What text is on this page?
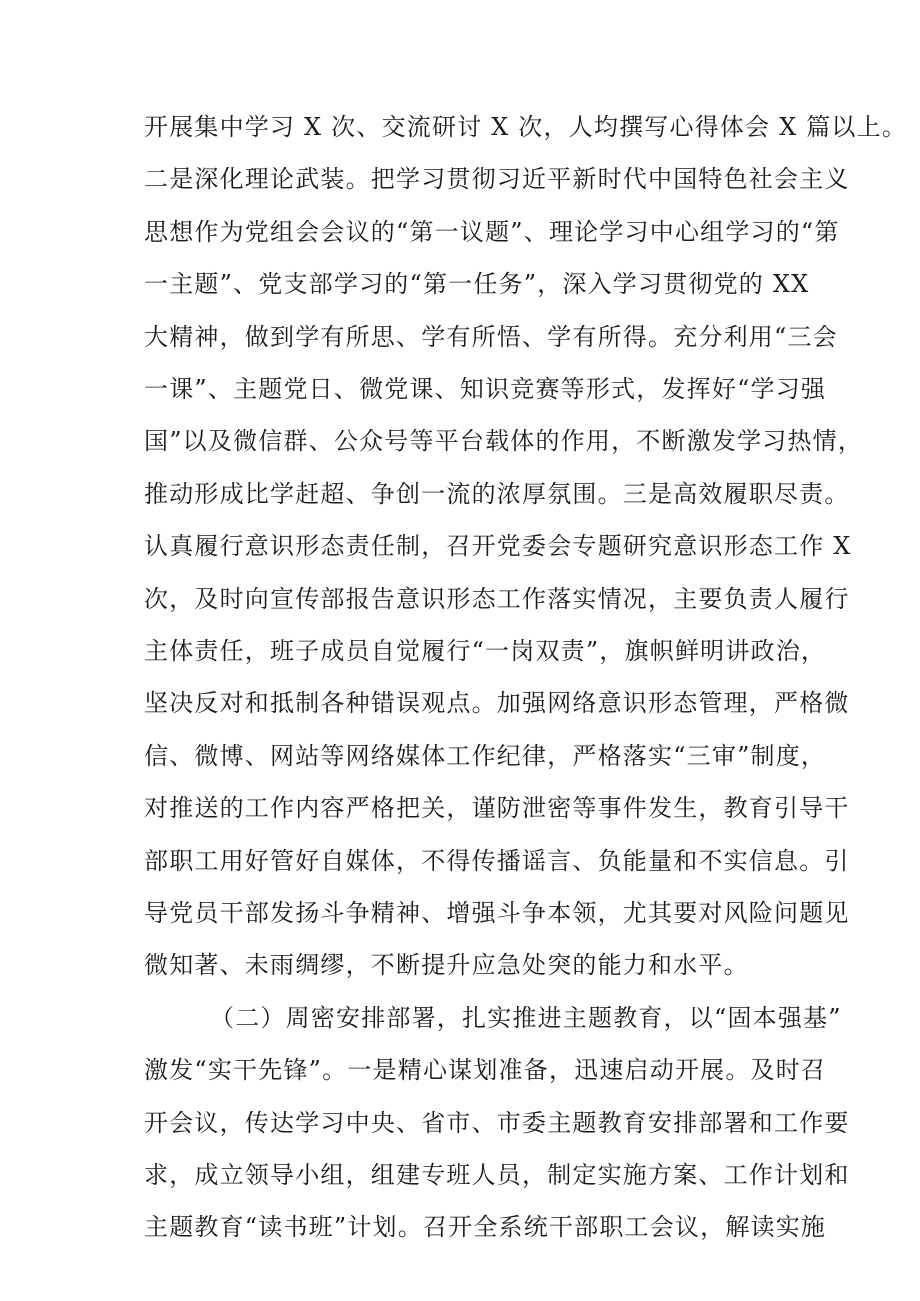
开展集中学习 X 次、交流研讨 X 次，人均撰写心得体会 X 篇以上。
二是深化理论武装。把学习贯彻习近平新时代中国特色社会主义
思想作为党组会会议的“第一议题”、理论学习中心组学习的“第
一主题”、党支部学习的“第一任务”，深入学习贯彻党的 XX
大精神，做到学有所思、学有所悟、学有所得。充分利用“三会
一课”、主题党日、微党课、知识竞赛等形式，发挥好“学习强
国”以及微信群、公众号等平台载体的作用，不断激发学习热情，
推动形成比学赶超、争创一流的浓厚氛围。三是高效履职尽责。
认真履行意识形态责任制，召开党委会专题研究意识形态工作 X
次，及时向宣传部报告意识形态工作落实情况，主要负责人履行
主体责任，班子成员自觉履行“一岗双责”，旗帜鲜明讲政治，
坚决反对和抵制各种错误观点。加强网络意识形态管理，严格微
信、微博、网站等网络媒体工作纪律，严格落实“三审”制度，
对推送的工作内容严格把关，谨防泄密等事件发生，教育引导干
部职工用好管好自媒体，不得传播谣言、负能量和不实信息。引
导党员干部发扬斗争精神、增强斗争本领，尤其要对风险问题见
微知著、未雨绸缪，不断提升应急处突的能力和水平。
（二）周密安排部署，扎实推进主题教育，以“固本强基”
激发“实干先锋”。一是精心谋划准备，迅速启动开展。及时召
开会议，传达学习中央、省市、市委主题教育安排部署和工作要
求，成立领导小组，组建专班人员，制定实施方案、工作计划和
主题教育“读书班”计划。召开全系统干部职工会议，解读实施
